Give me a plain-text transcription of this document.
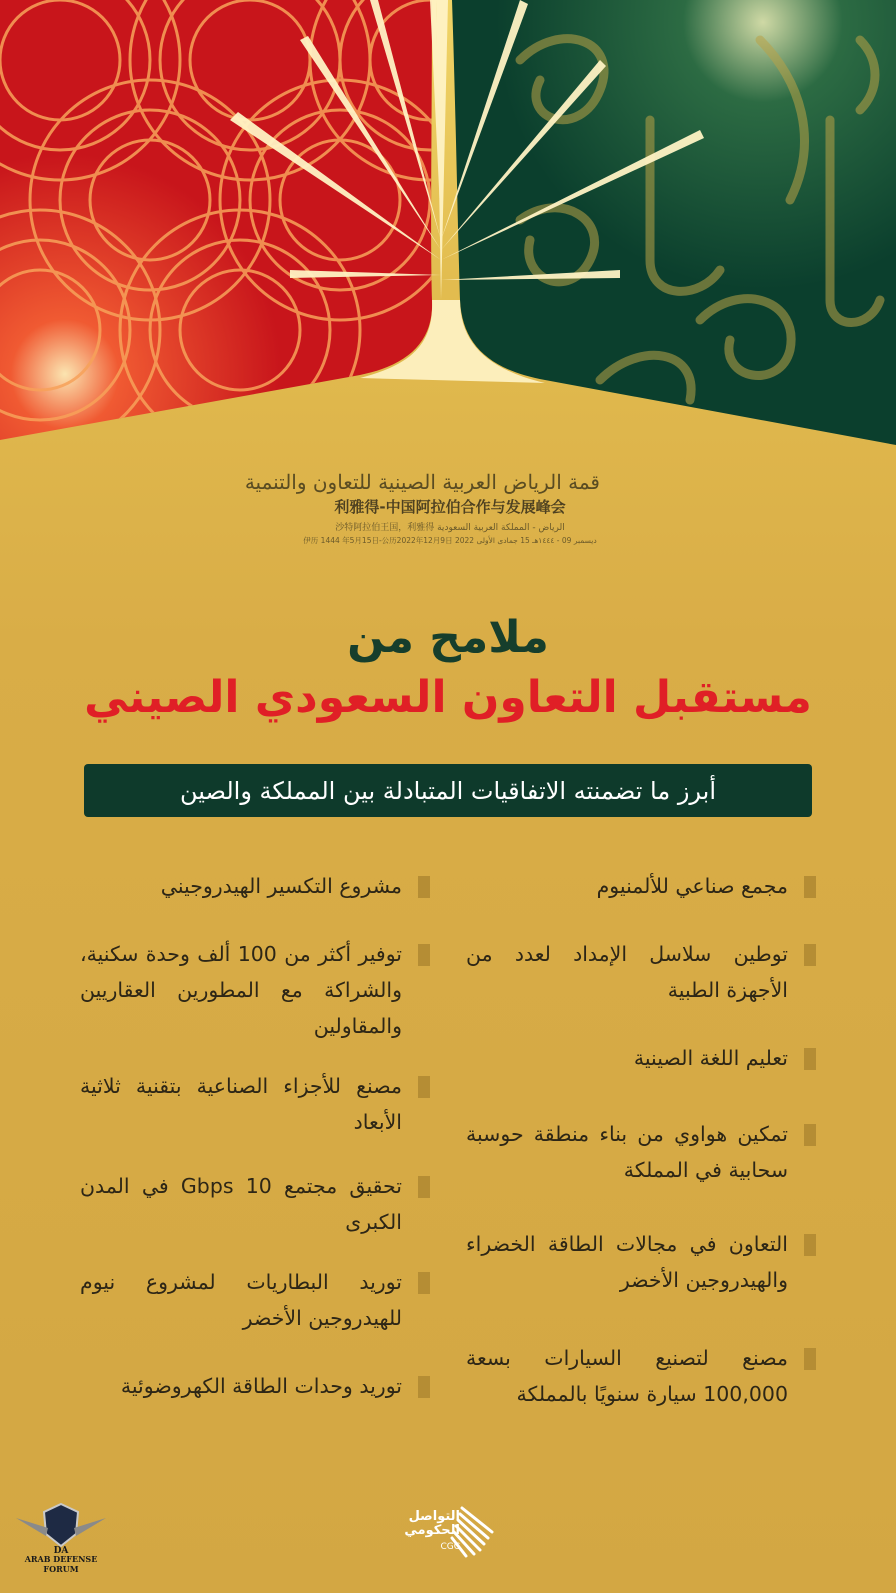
قمة الرياض العربية الصينية للتعاون والتنمية
利雅得-中国阿拉伯合作与发展峰会
沙特阿拉伯王国，利雅得 الرياض - المملكة العربية السعودية
伊历 1444 年5月15日-公历2022年12月9日 2022 ديسمبر 09 - ١٤٤٤هـ 15 جمادى الأولى
ملامح من
مستقبل التعاون السعودي الصيني
أبرز ما تضمنته الاتفاقيات المتبادلة بين المملكة والصين
مجمع صناعي للألمنيوم
توطين سلاسل الإمداد لعدد من الأجهزة الطبية
تعليم اللغة الصينية
تمكين هواوي من بناء منطقة حوسبة سحابية في المملكة
التعاون في مجالات الطاقة الخضراء والهيدروجين الأخضر
مصنع لتصنيع السيارات بسعة 100,000 سيارة سنويًا بالمملكة
مشروع التكسير الهيدروجيني
توفير أكثر من 100 ألف وحدة سكنية، والشراكة مع المطورين العقاريين والمقاولين
مصنع للأجزاء الصناعية بتقنية ثلاثية الأبعاد
تحقيق مجتمع 10 Gbps في المدن الكبرى
توريد البطاريات لمشروع نيوم للهيدروجين الأخضر
توريد وحدات الطاقة الكهروضوئية
التواصل
الحكومي
CGC
DA
ARAB DEFENSE FORUM
